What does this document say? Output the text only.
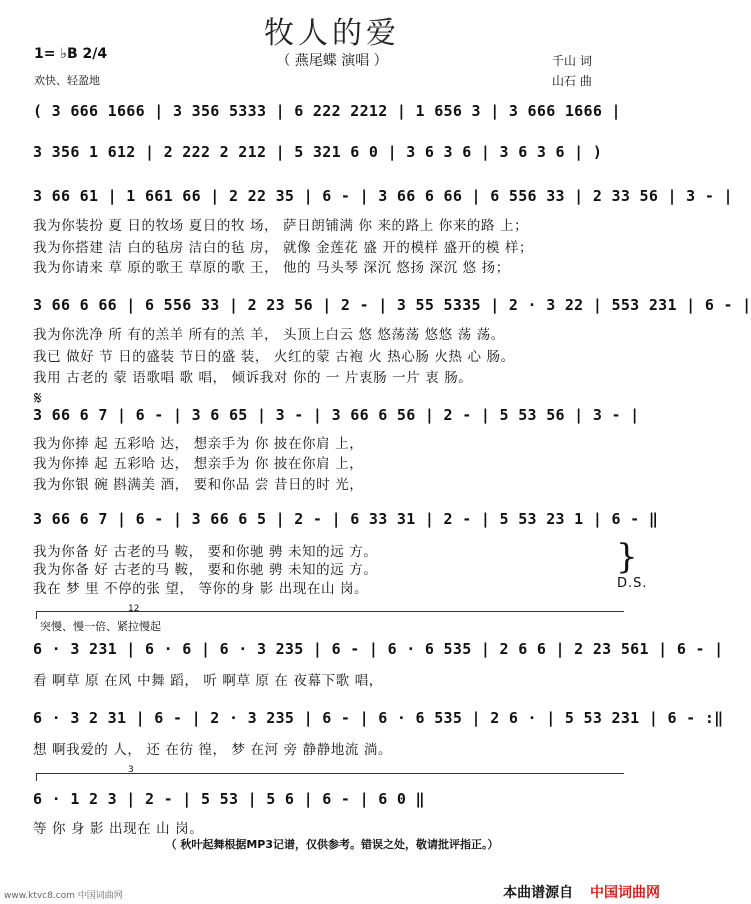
牧人的爱
（ 燕尾蝶 演唱 ）
1= ♭B 2/4
欢快、轻盈地
千山 词
山石 曲
( 3 666 1666 | 3 356 5333 | 6 222 2212 | 1 656 3 | 3 666 1666 |
3 356 1 612 | 2 222 2 212 | 5 321 6 0 | 3 6 3 6 | 3 6 3 6 | )
3 66 61 | 1 661 66 | 2 22 35 | 6 - | 3 66 6 66 | 6 556 33 | 2 33 56 | 3 - |
我为你装扮 夏 日的牧场 夏日的牧 场， 萨日朗铺满 你 来的路上 你来的路 上；
我为你搭建 洁 白的毡房 洁白的毡 房， 就像 金莲花 盛 开的模样 盛开的模 样；
我为你请来 草 原的歌王 草原的歌 王， 他的 马头琴 深沉 悠扬 深沉 悠 扬；
3 66 6 66 | 6 556 33 | 2 23 56 | 2 - | 3 55 5335 | 2 · 3 22 | 553 231 | 6 - |
我为你洗净 所 有的羔羊 所有的羔 羊， 头顶上白云 悠 悠荡荡 悠悠 荡 荡。
我已 做好 节 日的盛装 节日的盛 装， 火红的蒙 古袍 火 热心肠 火热 心 肠。
我用 古老的 蒙 语歌唱 歌 唱， 倾诉我对 你的 一 片衷肠 一片 衷 肠。
𝄋
3 66 6 7 | 6 - | 3 6 65 | 3 - | 3 66 6 56 | 2 - | 5 53 56 | 3 - |
我为你捧 起 五彩哈 达， 想亲手为 你 披在你肩 上，
我为你捧 起 五彩哈 达， 想亲手为 你 披在你肩 上，
我为你银 碗 斟满美 酒， 要和你品 尝 昔日的时 光，
3 66 6 7 | 6 - | 3 66 6 5 | 2 - | 6 33 31 | 2 - | 5 53 23 1 | 6 - ‖
我为你备 好 古老的马 鞍， 要和你驰 骋 未知的远 方。
我为你备 好 古老的马 鞍， 要和你驰 骋 未知的远 方。
我在 梦 里 不停的张 望， 等你的身 影 出现在山 岗。
}
D.S.
12
突慢、慢一倍、紧拉慢起
6 · 3 231 | 6 · 6 | 6 · 3 235 | 6 - | 6 · 6 535 | 2 6 6 | 2 23 561 | 6 - |
看 啊草 原 在风 中舞 蹈， 听 啊草 原 在 夜幕下歌 唱，
6 · 3 2 31 | 6 - | 2 · 3 235 | 6 - | 6 · 6 535 | 2 6 · | 5 53 231 | 6 - :‖
想 啊我爱的 人， 还 在彷 徨， 梦 在河 旁 静静地流 淌。
3
6 · 1 2 3 | 2 - | 5 53 | 5 6 | 6 - | 6 0 ‖
等 你 身 影 出现在 山 岗。
（ 秋叶起舞根据MP3记谱，仅供参考。错误之处，敬请批评指正。）
www.ktvc8.com 中国词曲网	本曲谱源自 中国词曲网
